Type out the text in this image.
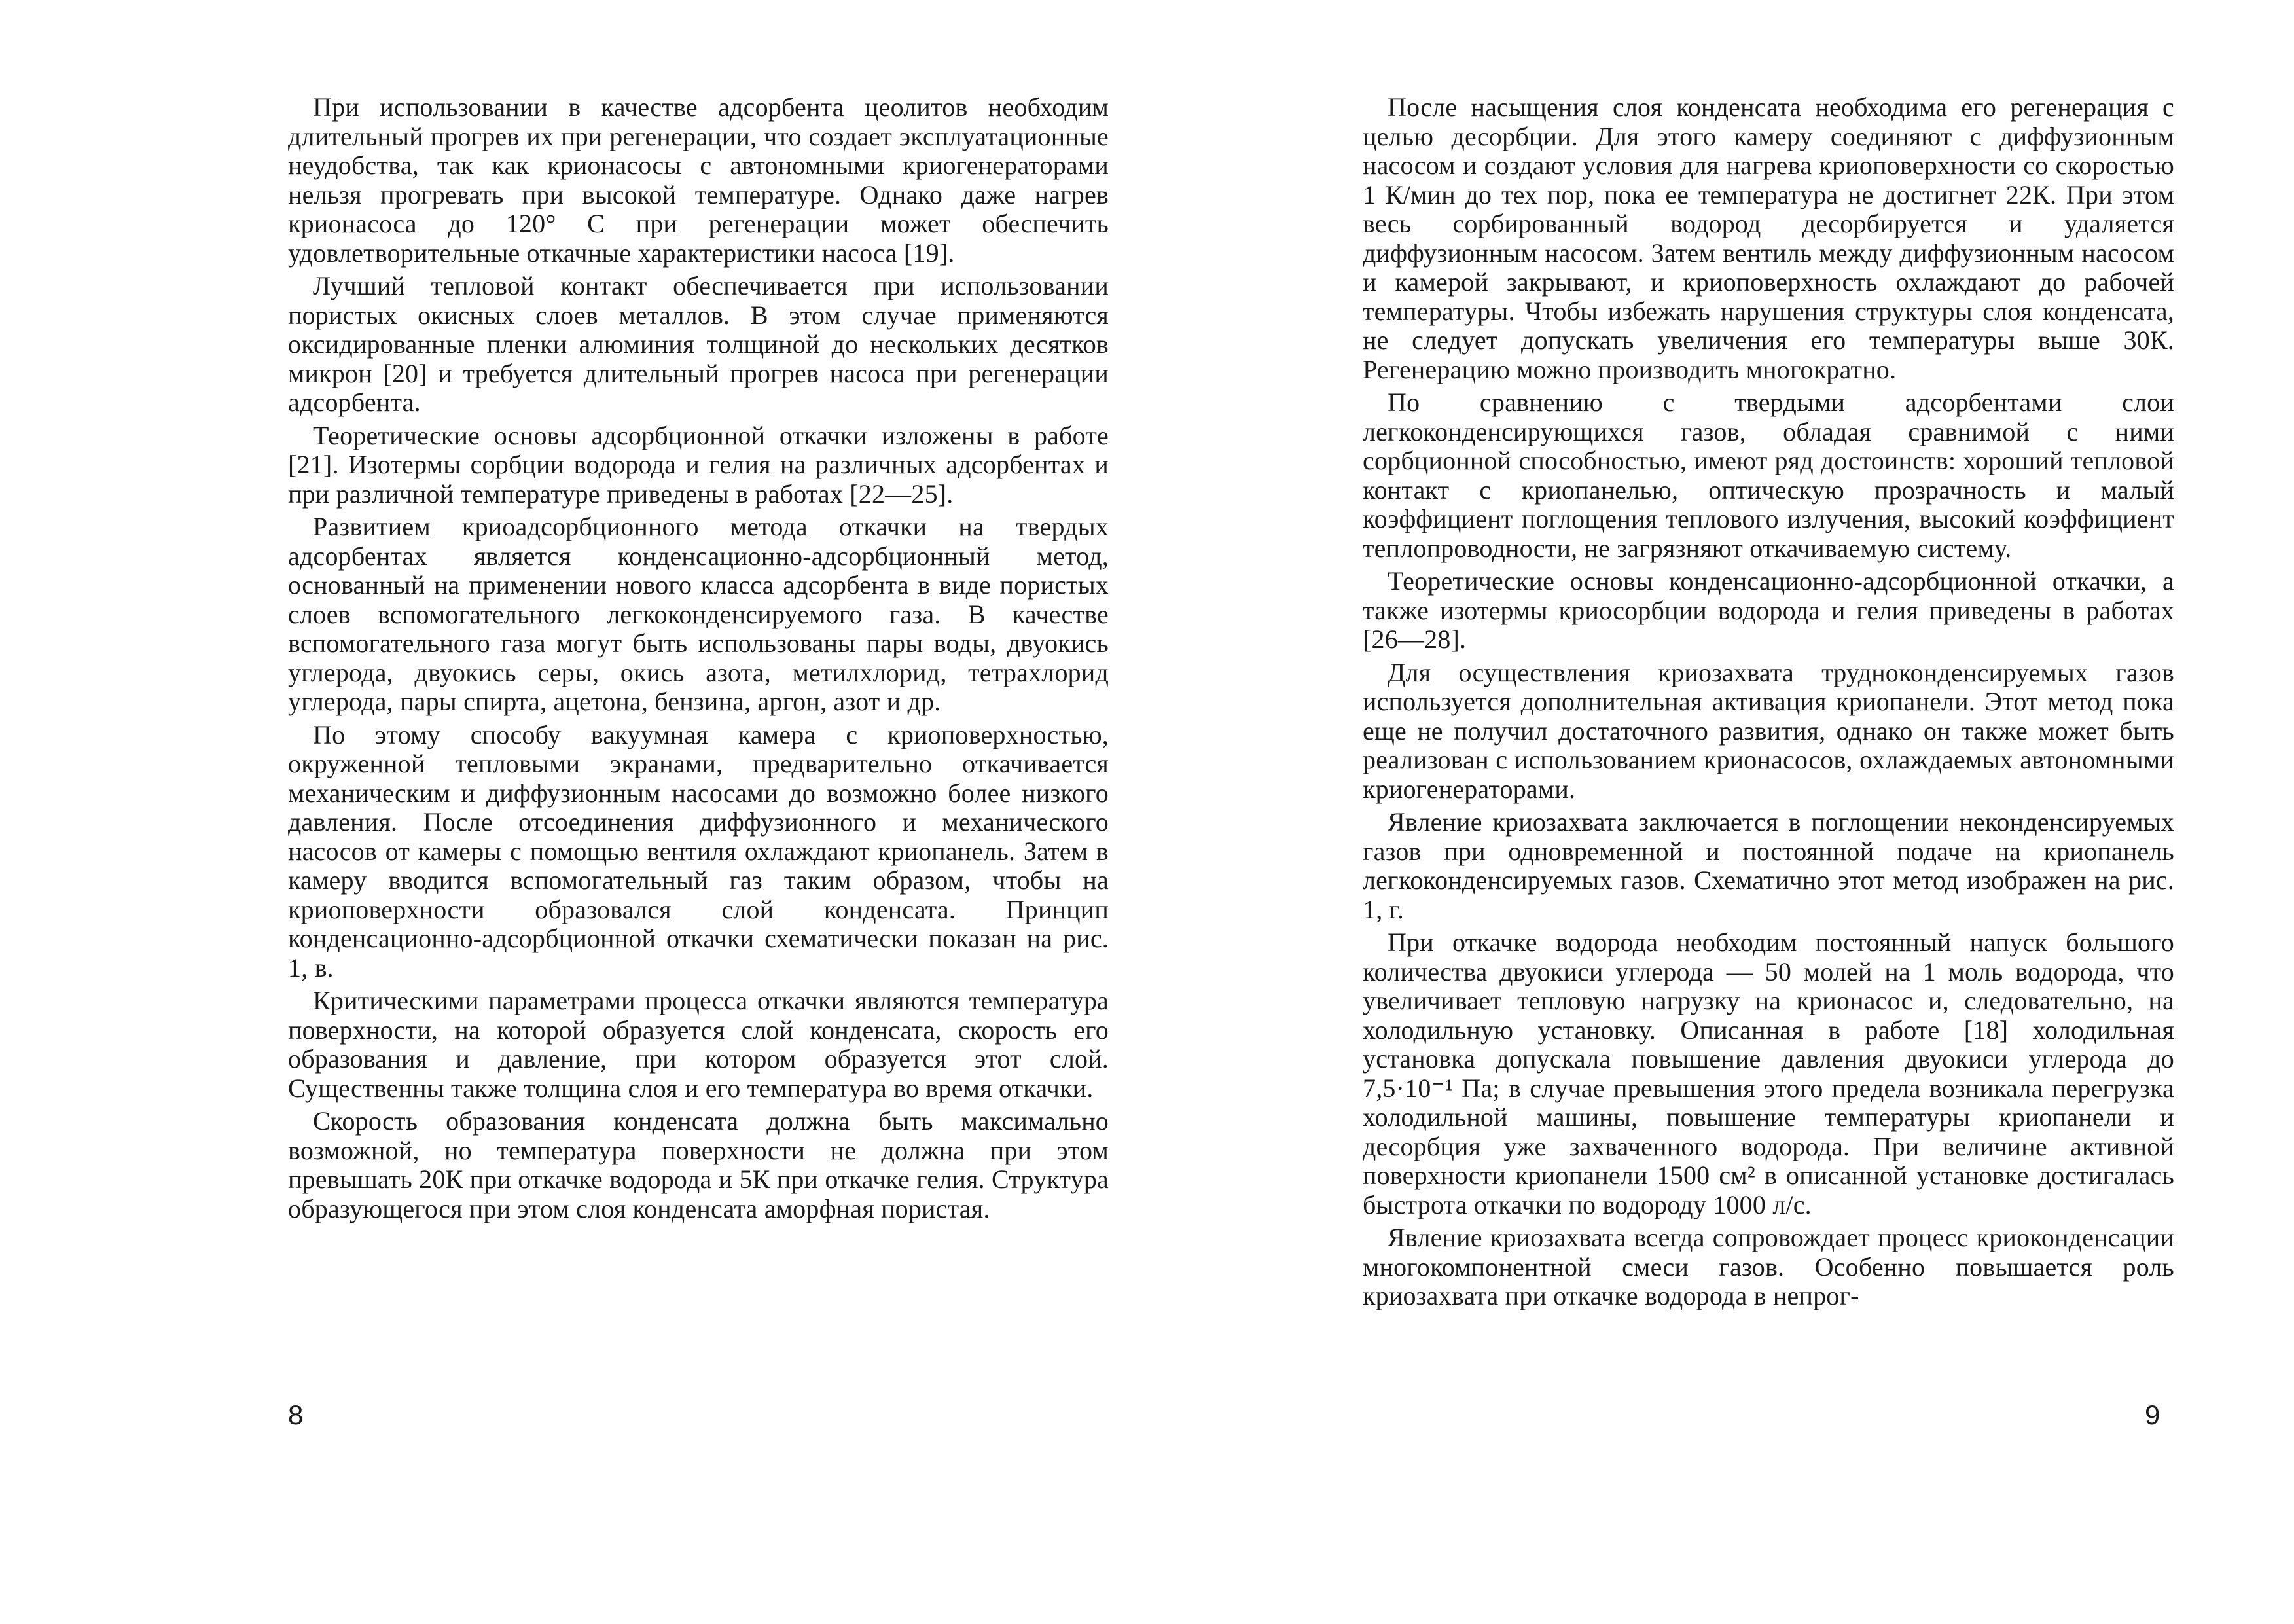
При использовании в качестве адсорбента цеолитов необходим длительный прогрев их при регенерации, что создает эксплуатационные неудобства, так как крионасосы с автономными криогенераторами нельзя прогревать при высокой температуре. Однако даже нагрев крионасоса до 120° С при регенерации может обеспечить удовлетворительные откачные характеристики насоса [19].

Лучший тепловой контакт обеспечивается при использовании пористых окисных слоев металлов. В этом случае применяются оксидированные пленки алюминия толщиной до нескольких десятков микрон [20] и требуется длительный прогрев насоса при регенерации адсорбента.

Теоретические основы адсорбционной откачки изложены в работе [21]. Изотермы сорбции водорода и гелия на различных адсорбентах и при различной температуре приведены в работах [22—25].

Развитием криоадсорбционного метода откачки на твердых адсорбентах является конденсационно-адсорбционный метод, основанный на применении нового класса адсорбента в виде пористых слоев вспомогательного легкоконденсируемого газа. В качестве вспомогательного газа могут быть использованы пары воды, двуокись углерода, двуокись серы, окись азота, метилхлорид, тетрахлорид углерода, пары спирта, ацетона, бензина, аргон, азот и др.

По этому способу вакуумная камера с криоповерхностью, окруженной тепловыми экранами, предварительно откачивается механическим и диффузионным насосами до возможно более низкого давления. После отсоединения диффузионного и механического насосов от камеры с помощью вентиля охлаждают криопанель. Затем в камеру вводится вспомогательный газ таким образом, чтобы на криоповерхности образовался слой конденсата. Принцип конденсационно-адсорбционной откачки схематически показан на рис. 1, в.

Критическими параметрами процесса откачки являются температура поверхности, на которой образуется слой конденсата, скорость его образования и давление, при котором образуется этот слой. Существенны также толщина слоя и его температура во время откачки.

Скорость образования конденсата должна быть максимально возможной, но температура поверхности не должна при этом превышать 20К при откачке водорода и 5К при откачке гелия. Структура образующегося при этом слоя конденсата аморфная пористая.

8

После насыщения слоя конденсата необходима его регенерация с целью десорбции. Для этого камеру соединяют с диффузионным насосом и создают условия для нагрева криоповерхности со скоростью 1 К/мин до тех пор, пока ее температура не достигнет 22К. При этом весь сорбированный водород десорбируется и удаляется диффузионным насосом. Затем вентиль между диффузионным насосом и камерой закрывают, и криоповерхность охлаждают до рабочей температуры. Чтобы избежать нарушения структуры слоя конденсата, не следует допускать увеличения его температуры выше 30К. Регенерацию можно производить многократно.

По сравнению с твердыми адсорбентами слои легкоконденсирующихся газов, обладая сравнимой с ними сорбционной способностью, имеют ряд достоинств: хороший тепловой контакт с криопанелью, оптическую прозрачность и малый коэффициент поглощения теплового излучения, высокий коэффициент теплопроводности, не загрязняют откачиваемую систему.

Теоретические основы конденсационно-адсорбционной откачки, а также изотермы криосорбции водорода и гелия приведены в работах [26—28].

Для осуществления криозахвата трудноконденсируемых газов используется дополнительная активация криопанели. Этот метод пока еще не получил достаточного развития, однако он также может быть реализован с использованием крионасосов, охлаждаемых автономными криогенераторами.

Явление криозахвата заключается в поглощении неконденсируемых газов при одновременной и постоянной подаче на криопанель легкоконденсируемых газов. Схематично этот метод изображен на рис. 1, г.

При откачке водорода необходим постоянный напуск большого количества двуокиси углерода — 50 молей на 1 моль водорода, что увеличивает тепловую нагрузку на крионасос и, следовательно, на холодильную установку. Описанная в работе [18] холодильная установка допускала повышение давления двуокиси углерода до 7,5·10⁻¹ Па; в случае превышения этого предела возникала перегрузка холодильной машины, повышение температуры криопанели и десорбция уже захваченного водорода. При величине активной поверхности криопанели 1500 см² в описанной установке достигалась быстрота откачки по водороду 1000 л/с.

Явление криозахвата всегда сопровождает процесс криоконденсации многокомпонентной смеси газов. Особенно повышается роль криозахвата при откачке водорода в непрог-

9
